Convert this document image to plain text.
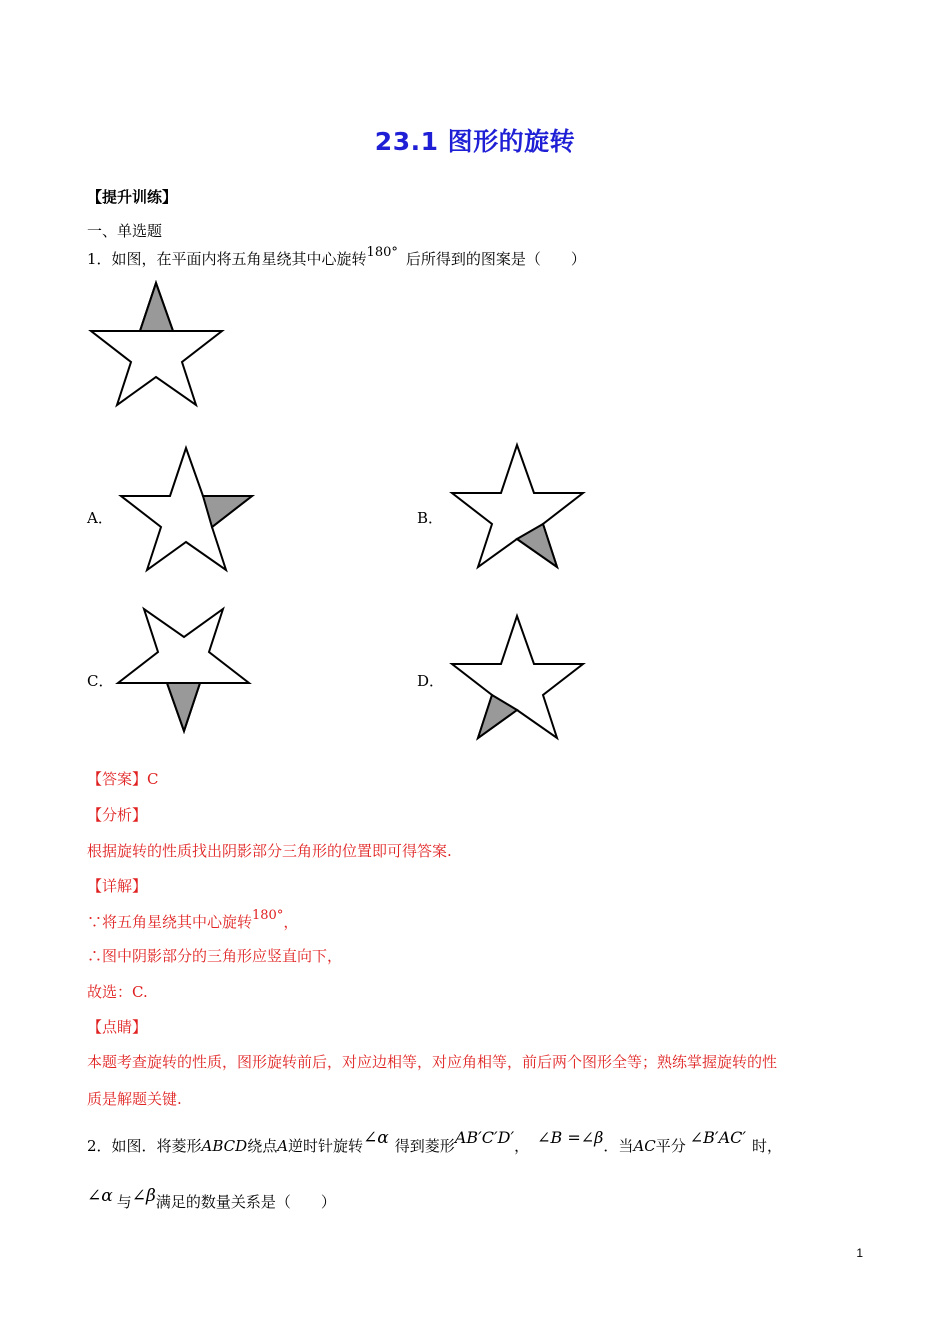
23.1 图形的旋转
【提升训练】
一、单选题
1．如图，在平面内将五角星绕其中心旋转180° 后所得到的图案是（　　）
A．	B．
C．	D．
【答案】C
【分析】
根据旋转的性质找出阴影部分三角形的位置即可得答案.
【详解】
∵将五角星绕其中心旋转180°，
∴图中阴影部分的三角形应竖直向下，
故选：C.
【点睛】
本题考查旋转的性质，图形旋转前后，对应边相等，对应角相等，前后两个图形全等；熟练掌握旋转的性
质是解题关键.
2．如图．将菱形ABCD绕点A逆时针旋转∠α 得到菱形AB′C′D′， ∠B =∠β．当AC平分 ∠B′AC′ 时，
∠α 与∠β满足的数量关系是（　　）
1
